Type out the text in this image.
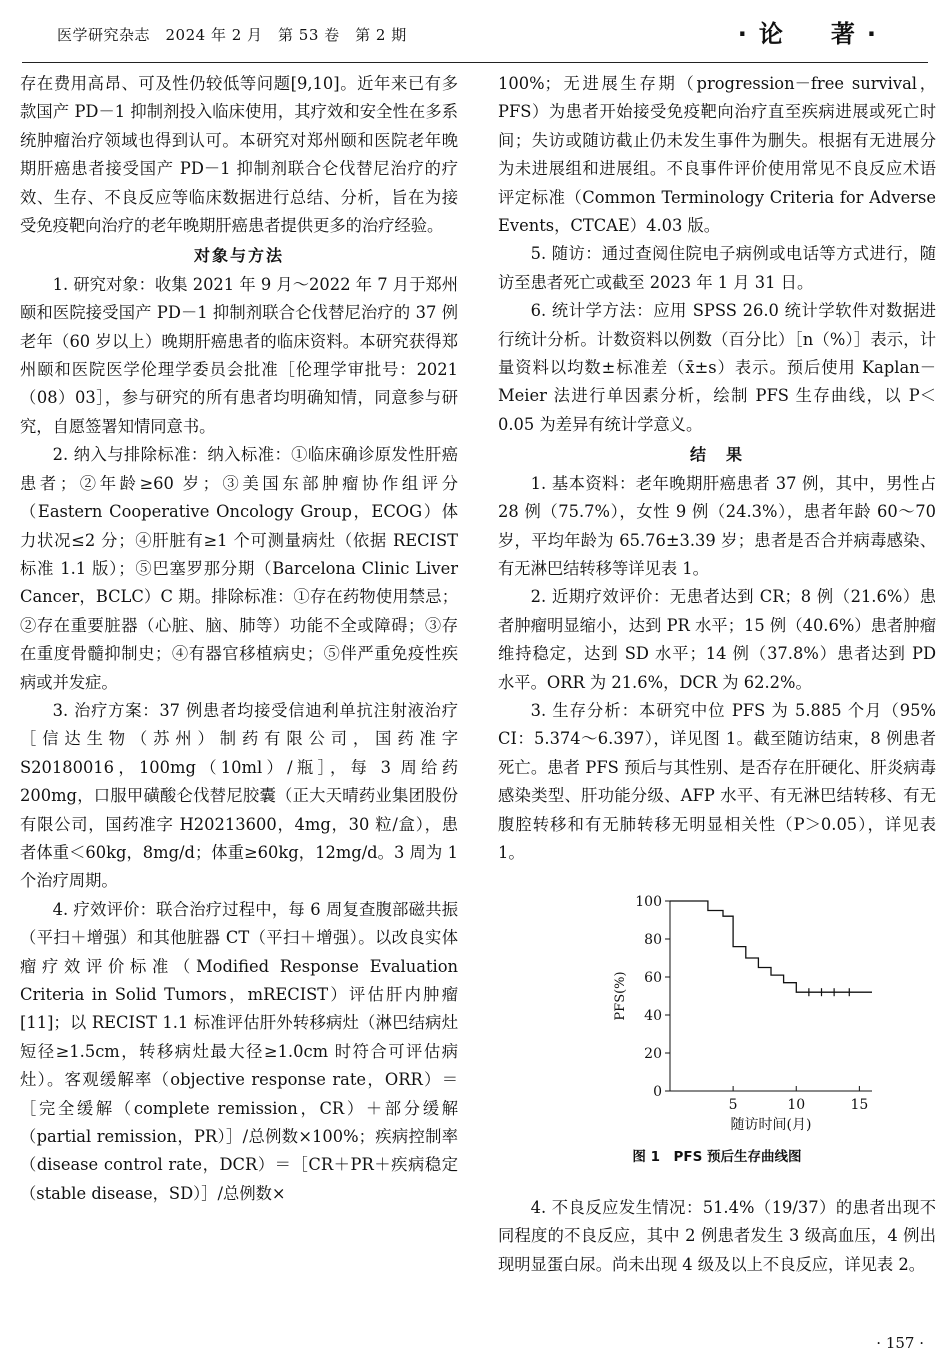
医学研究杂志　2024 年 2 月　第 53 卷　第 2 期	·论　著·

存在费用高昂、可及性仍较低等问题[9,10]。近年来已有多款国产 PD－1 抑制剂投入临床使用，其疗效和安全性在多系统肿瘤治疗领域也得到认可。本研究对郑州颐和医院老年晚期肝癌患者接受国产 PD－1 抑制剂联合仑伐替尼治疗的疗效、生存、不良反应等临床数据进行总结、分析，旨在为接受免疫靶向治疗的老年晚期肝癌患者提供更多的治疗经验。

对象与方法

1. 研究对象：收集 2021 年 9 月～2022 年 7 月于郑州颐和医院接受国产 PD－1 抑制剂联合仑伐替尼治疗的 37 例老年（60 岁以上）晚期肝癌患者的临床资料。本研究获得郑州颐和医院医学伦理学委员会批准［伦理学审批号：2021（08）03］，参与研究的所有患者均明确知情，同意参与研究，自愿签署知情同意书。

2. 纳入与排除标准：纳入标准：①临床确诊原发性肝癌患者；②年龄≥60 岁；③美国东部肿瘤协作组评分（Eastern Cooperative Oncology Group，ECOG）体力状况≤2 分；④肝脏有≥1 个可测量病灶（依据 RECIST 标准 1.1 版）；⑤巴塞罗那分期（Barcelona Clinic Liver Cancer，BCLC）C 期。排除标准：①存在药物使用禁忌；②存在重要脏器（心脏、脑、肺等）功能不全或障碍；③存在重度骨髓抑制史；④有器官移植病史；⑤伴严重免疫性疾病或并发症。

3. 治疗方案：37 例患者均接受信迪利单抗注射液治疗［信达生物（苏州）制药有限公司，国药准字 S20180016，100mg（10ml）/瓶］，每 3 周给药 200mg，口服甲磺酸仑伐替尼胶囊（正大天晴药业集团股份有限公司，国药准字 H20213600，4mg，30 粒/盒），患者体重＜60kg，8mg/d；体重≥60kg，12mg/d。3 周为 1 个治疗周期。

4. 疗效评价：联合治疗过程中，每 6 周复查腹部磁共振（平扫＋增强）和其他脏器 CT（平扫＋增强）。以改良实体瘤疗效评价标准（Modified Response Evaluation Criteria in Solid Tumors，mRECIST）评估肝内肿瘤[11]；以 RECIST 1.1 标准评估肝外转移病灶（淋巴结病灶短径≥1.5cm，转移病灶最大径≥1.0cm 时符合可评估病灶）。客观缓解率（objective response rate，ORR）＝［完全缓解（complete remission，CR）＋部分缓解（partial remission，PR）］/总例数×100%；疾病控制率（disease control rate，DCR）＝［CR＋PR＋疾病稳定（stable disease，SD）］/总例数×

100%；无进展生存期（progression－free survival，PFS）为患者开始接受免疫靶向治疗直至疾病进展或死亡时间；失访或随访截止仍未发生事件为删失。根据有无进展分为未进展组和进展组。不良事件评价使用常见不良反应术语评定标准（Common Terminology Criteria for Adverse Events，CTCAE）4.03 版。

5. 随访：通过查阅住院电子病例或电话等方式进行，随访至患者死亡或截至 2023 年 1 月 31 日。

6. 统计学方法：应用 SPSS 26.0 统计学软件对数据进行统计分析。计数资料以例数（百分比）［n（%）］表示，计量资料以均数±标准差（x̄±s）表示。预后使用 Kaplan－Meier 法进行单因素分析，绘制 PFS 生存曲线，以 P＜0.05 为差异有统计学意义。

结　果

1. 基本资料：老年晚期肝癌患者 37 例，其中，男性占 28 例（75.7%），女性 9 例（24.3%），患者年龄 60～70 岁，平均年龄为 65.76±3.39 岁；患者是否合并病毒感染、有无淋巴结转移等详见表 1。

2. 近期疗效评价：无患者达到 CR；8 例（21.6%）患者肿瘤明显缩小，达到 PR 水平；15 例（40.6%）患者肿瘤维持稳定，达到 SD 水平；14 例（37.8%）患者达到 PD 水平。ORR 为 21.6%，DCR 为 62.2%。

3. 生存分析：本研究中位 PFS 为 5.885 个月（95% CI：5.374～6.397），详见图 1。截至随访结束，8 例患者死亡。患者 PFS 预后与其性别、是否存在肝硬化、肝炎病毒感染类型、肝功能分级、AFP 水平、有无淋巴结转移、有无腹腔转移和有无肺转移无明显相关性（P＞0.05），详见表 1。

0
20
40
60
80
100
5	10	15
随访时间(月)
PFS(%)
图 1　PFS 预后生存曲线图

4. 不良反应发生情况：51.4%（19/37）的患者出现不同程度的不良反应，其中 2 例患者发生 3 级高血压，4 例出现明显蛋白尿。尚未出现 4 级及以上不良反应，详见表 2。

· 157 ·
